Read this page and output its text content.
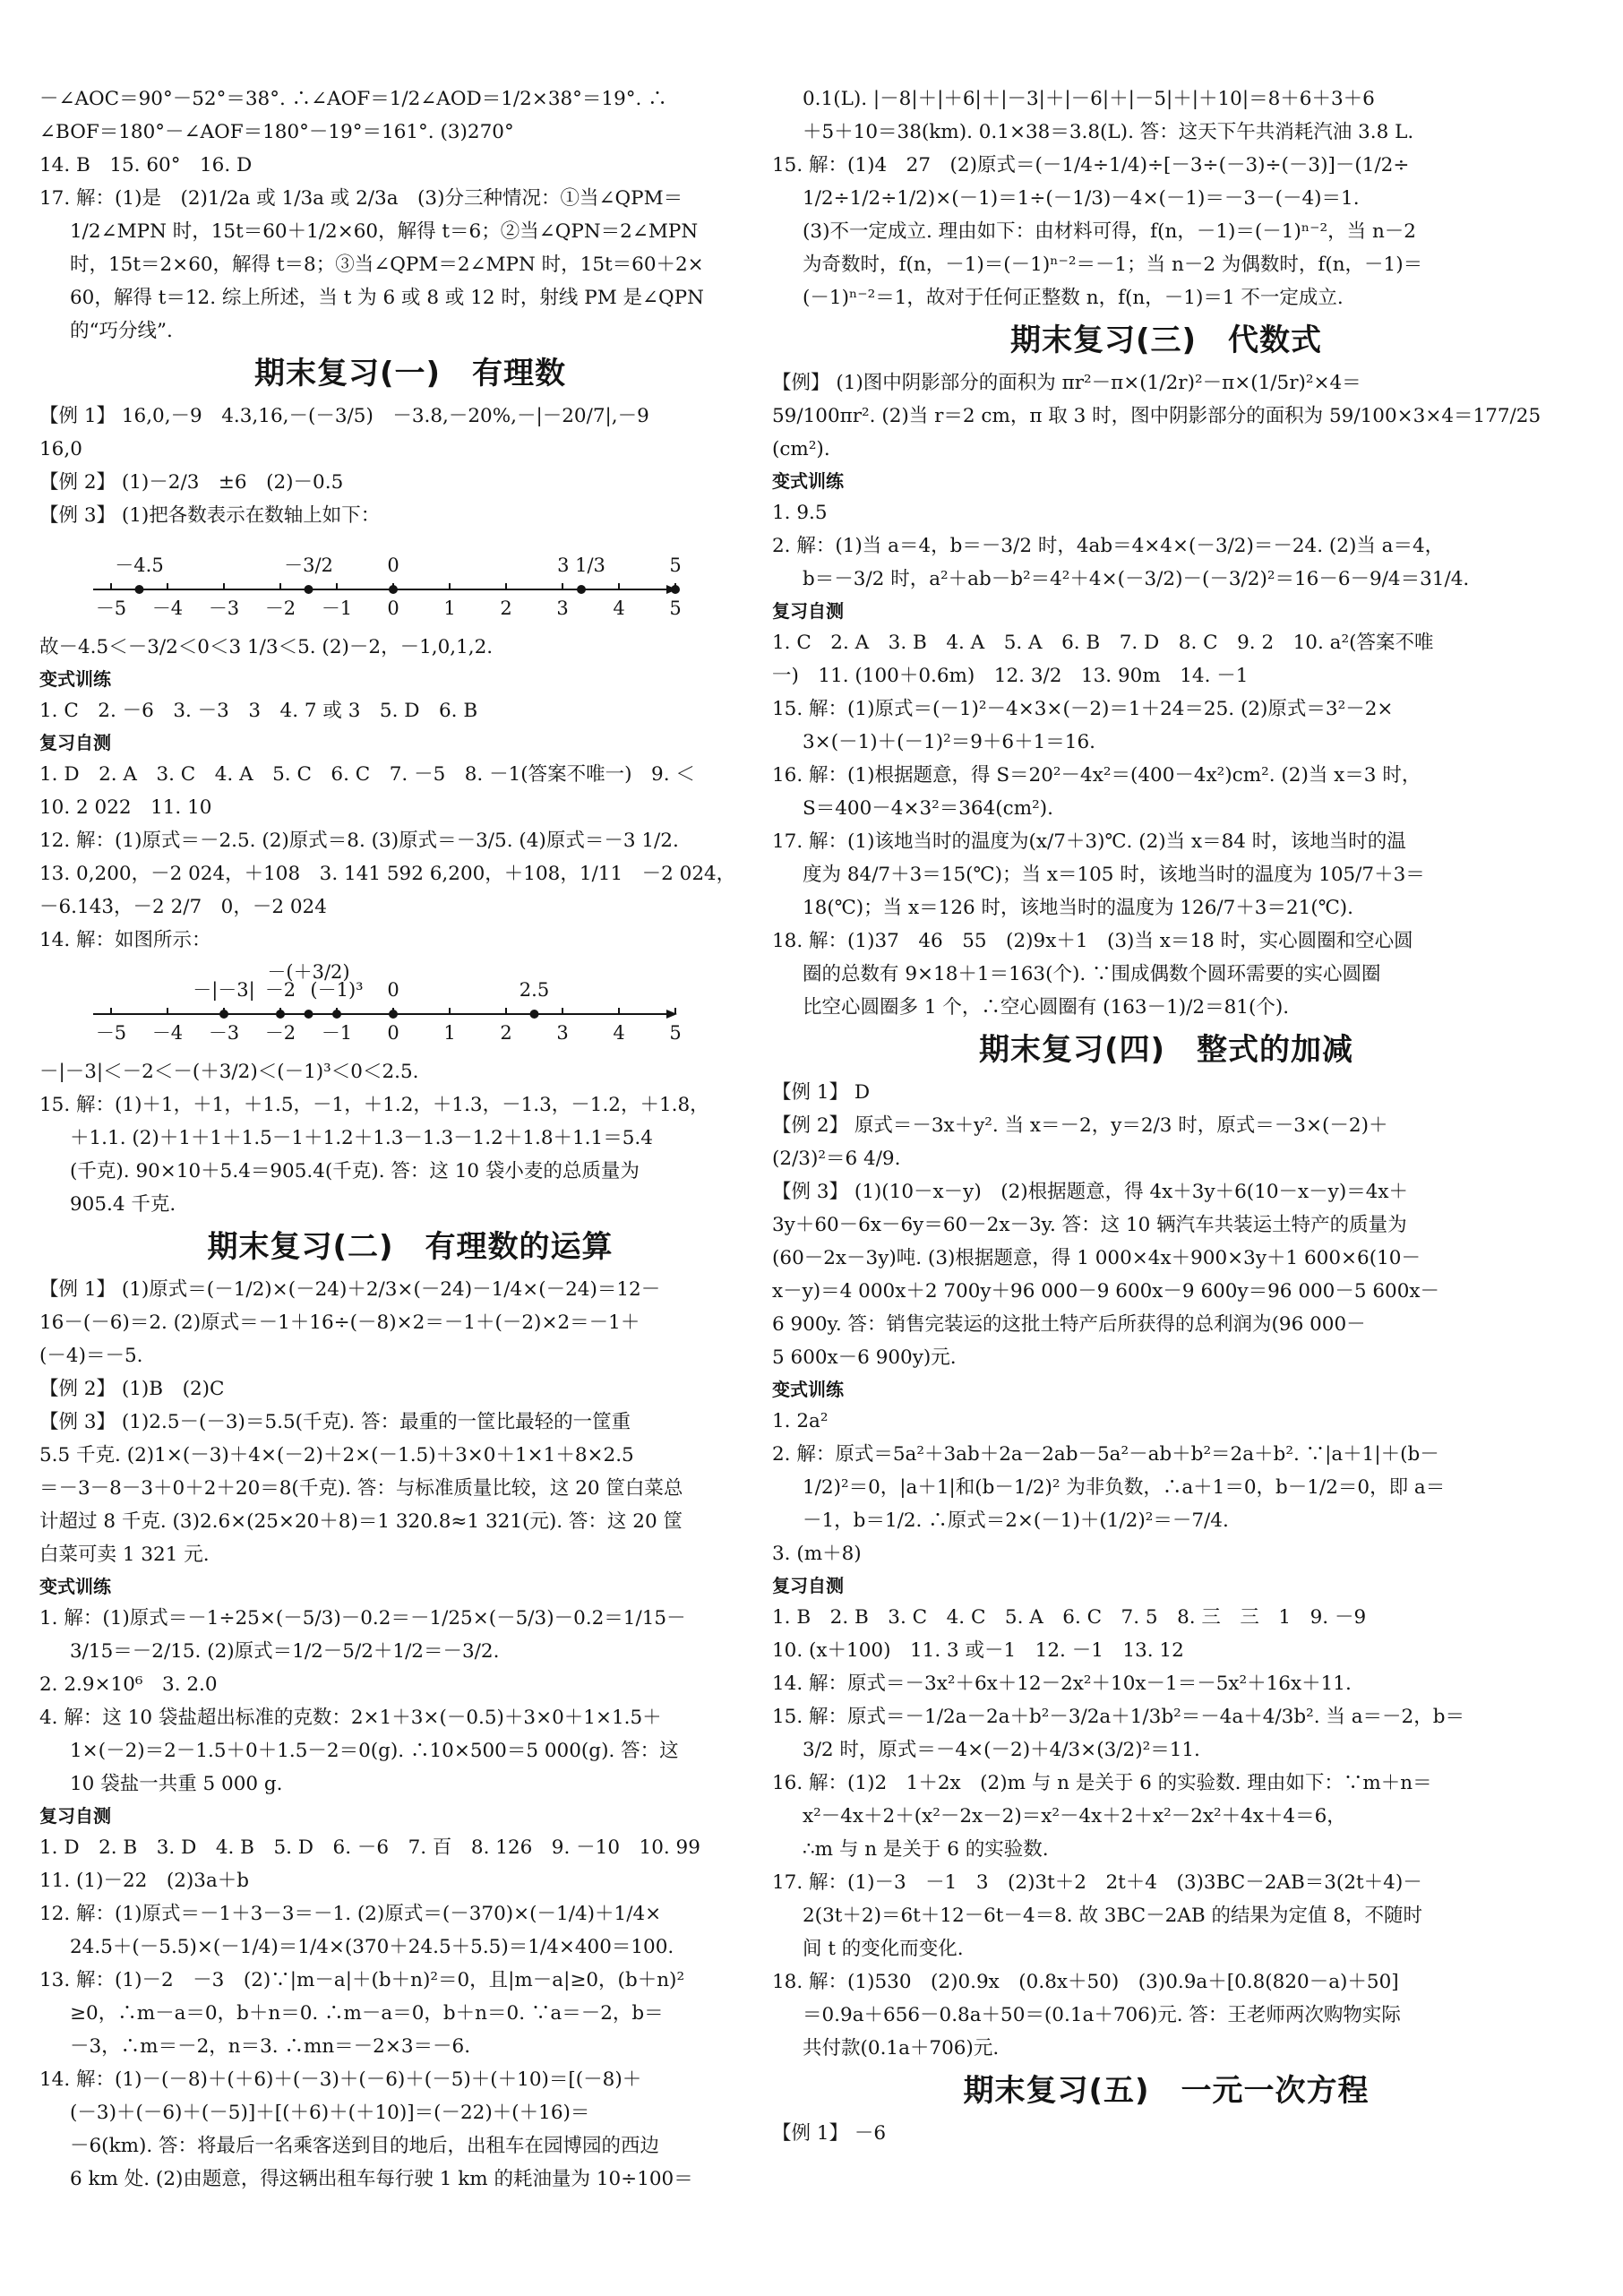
－∠AOC＝90°－52°＝38°. ∴∠AOF＝1/2∠AOD＝1/2×38°＝19°. ∴
∠BOF＝180°－∠AOF＝180°－19°＝161°. (3)270°
14. B　15. 60°　16. D
17. 解：(1)是　(2)1/2a 或 1/3a 或 2/3a　(3)分三种情况：①当∠QPM＝
1/2∠MPN 时，15t＝60＋1/2×60，解得 t＝6；②当∠QPN＝2∠MPN
时，15t＝2×60，解得 t＝8；③当∠QPM＝2∠MPN 时，15t＝60＋2×
60，解得 t＝12. 综上所述，当 t 为 6 或 8 或 12 时，射线 PM 是∠QPN
的“巧分线”.
期末复习(一)　有理数
【例 1】 16,0,－9　4.3,16,－(－3/5)　－3.8,－20%,－|－20/7|,－9
16,0
【例 2】 (1)－2/3　±6　(2)－0.5
【例 3】 (1)把各数表示在数轴上如下：
－5 －4 －3 －2 －1 0 1 2 3 4 5
－4.5	－3/2	0	3 1/3	5
故－4.5＜－3/2＜0＜3 1/3＜5. (2)－2，－1,0,1,2.
变式训练
1. C　2. －6　3. －3　3　4. 7 或 3　5. D　6. B
复习自测
1. D　2. A　3. C　4. A　5. C　6. C　7. －5　8. －1(答案不唯一)　9. ＜
10. 2 022　11. 10
12. 解：(1)原式＝－2.5. (2)原式＝8. (3)原式＝－3/5. (4)原式＝－3 1/2.
13. 0,200，－2 024，＋108　3. 141 592 6,200，＋108，1/11　－2 024，
－6.14̇3̇，－2 2/7　0，－2 024
14. 解：如图所示：
－5 －4 －3 －2 －1 0 1 2 3 4 5
－(＋3/2)
－|－3| －2 (－1)³ 0	2.5
－|－3|＜－2＜－(＋3/2)＜(－1)³＜0＜2.5.
15. 解：(1)＋1，＋1，＋1.5，－1，＋1.2，＋1.3，－1.3，－1.2，＋1.8，
＋1.1. (2)＋1＋1＋1.5－1＋1.2＋1.3－1.3－1.2＋1.8＋1.1＝5.4
(千克). 90×10＋5.4＝905.4(千克). 答：这 10 袋小麦的总质量为
905.4 千克.
期末复习(二)　有理数的运算
【例 1】 (1)原式＝(－1/2)×(－24)＋2/3×(－24)－1/4×(－24)＝12－
16－(－6)＝2. (2)原式＝－1＋16÷(－8)×2＝－1＋(－2)×2＝－1＋
(－4)＝－5.
【例 2】 (1)B　(2)C
【例 3】 (1)2.5－(－3)＝5.5(千克). 答：最重的一筐比最轻的一筐重
5.5 千克. (2)1×(－3)＋4×(－2)＋2×(－1.5)＋3×0＋1×1＋8×2.5
＝－3－8－3＋0＋2＋20＝8(千克). 答：与标准质量比较，这 20 筐白菜总
计超过 8 千克. (3)2.6×(25×20＋8)＝1 320.8≈1 321(元). 答：这 20 筐
白菜可卖 1 321 元.
变式训练
1. 解：(1)原式＝－1÷25×(－5/3)－0.2＝－1/25×(－5/3)－0.2＝1/15－
3/15＝－2/15. (2)原式＝1/2－5/2＋1/2＝－3/2.
2. 2.9×10⁶　3. 2.0
4. 解：这 10 袋盐超出标准的克数：2×1＋3×(－0.5)＋3×0＋1×1.5＋
1×(－2)＝2－1.5＋0＋1.5－2＝0(g). ∴10×500＝5 000(g). 答：这
10 袋盐一共重 5 000 g.
复习自测
1. D　2. B　3. D　4. B　5. D　6. －6　7. 百　8. 126　9. －10　10. 99
11. (1)－22　(2)3a＋b
12. 解：(1)原式＝－1＋3－3＝－1. (2)原式＝(－370)×(－1/4)＋1/4×
24.5＋(－5.5)×(－1/4)＝1/4×(370＋24.5＋5.5)＝1/4×400＝100.
13. 解：(1)－2　－3　(2)∵|m－a|＋(b＋n)²＝0，且|m－a|≥0，(b＋n)²
≥0，∴m－a＝0，b＋n＝0. ∴m－a＝0，b＋n＝0. ∵a＝－2，b＝
－3，∴m＝－2，n＝3. ∴mn＝－2×3＝－6.
14. 解：(1)－(－8)＋(＋6)＋(－3)＋(－6)＋(－5)＋(＋10)＝[(－8)＋
(－3)＋(－6)＋(－5)]＋[(＋6)＋(＋10)]＝(－22)＋(＋16)＝
－6(km). 答：将最后一名乘客送到目的地后，出租车在园博园的西边
6 km 处. (2)由题意，得这辆出租车每行驶 1 km 的耗油量为 10÷100＝
0.1(L). |－8|＋|＋6|＋|－3|＋|－6|＋|－5|＋|＋10|＝8＋6＋3＋6
＋5＋10＝38(km). 0.1×38＝3.8(L). 答：这天下午共消耗汽油 3.8 L.
15. 解：(1)4　27　(2)原式＝(－1/4÷1/4)÷[－3÷(－3)÷(－3)]－(1/2÷
1/2÷1/2÷1/2)×(－1)＝1÷(－1/3)－4×(－1)＝－3－(－4)＝1.
(3)不一定成立. 理由如下：由材料可得，f(n，－1)＝(－1)ⁿ⁻²，当 n－2
为奇数时，f(n，－1)＝(－1)ⁿ⁻²＝－1；当 n－2 为偶数时，f(n，－1)＝
(－1)ⁿ⁻²＝1，故对于任何正整数 n，f(n，－1)＝1 不一定成立.
期末复习(三)　代数式
【例】 (1)图中阴影部分的面积为 πr²－π×(1/2r)²－π×(1/5r)²×4＝
59/100πr². (2)当 r＝2 cm，π 取 3 时，图中阴影部分的面积为 59/100×3×4＝177/25
(cm²).
变式训练
1. 9.5
2. 解：(1)当 a＝4，b＝－3/2 时，4ab＝4×4×(－3/2)＝－24. (2)当 a＝4，
b＝－3/2 时，a²＋ab－b²＝4²＋4×(－3/2)－(－3/2)²＝16－6－9/4＝31/4.
复习自测
1. C　2. A　3. B　4. A　5. A　6. B　7. D　8. C　9. 2　10. a²(答案不唯
一)　11. (100＋0.6m)　12. 3/2　13. 90m　14. －1
15. 解：(1)原式＝(－1)²－4×3×(－2)＝1＋24＝25. (2)原式＝3²－2×
3×(－1)＋(－1)²＝9＋6＋1＝16.
16. 解：(1)根据题意，得 S＝20²－4x²＝(400－4x²)cm². (2)当 x＝3 时，
S＝400－4×3²＝364(cm²).
17. 解：(1)该地当时的温度为(x/7＋3)℃. (2)当 x＝84 时，该地当时的温
度为 84/7＋3＝15(℃)；当 x＝105 时，该地当时的温度为 105/7＋3＝
18(℃)；当 x＝126 时，该地当时的温度为 126/7＋3＝21(℃).
18. 解：(1)37　46　55　(2)9x＋1　(3)当 x＝18 时，实心圆圈和空心圆
圈的总数有 9×18＋1＝163(个). ∵围成偶数个圆环需要的实心圆圈
比空心圆圈多 1 个，∴空心圆圈有 (163－1)/2＝81(个).
期末复习(四)　整式的加减
【例 1】 D
【例 2】 原式＝－3x＋y². 当 x＝－2，y＝2/3 时，原式＝－3×(－2)＋
(2/3)²＝6 4/9.
【例 3】 (1)(10－x－y)　(2)根据题意，得 4x＋3y＋6(10－x－y)＝4x＋
3y＋60－6x－6y＝60－2x－3y. 答：这 10 辆汽车共装运土特产的质量为
(60－2x－3y)吨. (3)根据题意，得 1 000×4x＋900×3y＋1 600×6(10－
x－y)＝4 000x＋2 700y＋96 000－9 600x－9 600y＝96 000－5 600x－
6 900y. 答：销售完装运的这批土特产后所获得的总利润为(96 000－
5 600x－6 900y)元.
变式训练
1. 2a²
2. 解：原式＝5a²＋3ab＋2a－2ab－5a²－ab＋b²＝2a＋b². ∵|a＋1|＋(b－
1/2)²＝0，|a＋1|和(b－1/2)² 为非负数，∴a＋1＝0，b－1/2＝0，即 a＝
－1，b＝1/2. ∴原式＝2×(－1)＋(1/2)²＝－7/4.
3. (m＋8)
复习自测
1. B　2. B　3. C　4. C　5. A　6. C　7. 5　8. 三　三　1　9. －9
10. (x＋100)　11. 3 或－1　12. －1　13. 12
14. 解：原式＝－3x²＋6x＋12－2x²＋10x－1＝－5x²＋16x＋11.
15. 解：原式＝－1/2a－2a＋b²－3/2a＋1/3b²＝－4a＋4/3b². 当 a＝－2，b＝
3/2 时，原式＝－4×(－2)＋4/3×(3/2)²＝11.
16. 解：(1)2　1＋2x　(2)m 与 n 是关于 6 的实验数. 理由如下：∵m＋n＝
x²－4x＋2＋(x²－2x－2)＝x²－4x＋2＋x²－2x²＋4x＋4＝6，
∴m 与 n 是关于 6 的实验数.
17. 解：(1)－3　－1　3　(2)3t＋2　2t＋4　(3)3BC－2AB＝3(2t＋4)－
2(3t＋2)＝6t＋12－6t－4＝8. 故 3BC－2AB 的结果为定值 8，不随时
间 t 的变化而变化.
18. 解：(1)530　(2)0.9x　(0.8x＋50)　(3)0.9a＋[0.8(820－a)＋50]
＝0.9a＋656－0.8a＋50＝(0.1a＋706)元. 答：王老师两次购物实际
共付款(0.1a＋706)元.
期末复习(五)　一元一次方程
【例 1】 －6
